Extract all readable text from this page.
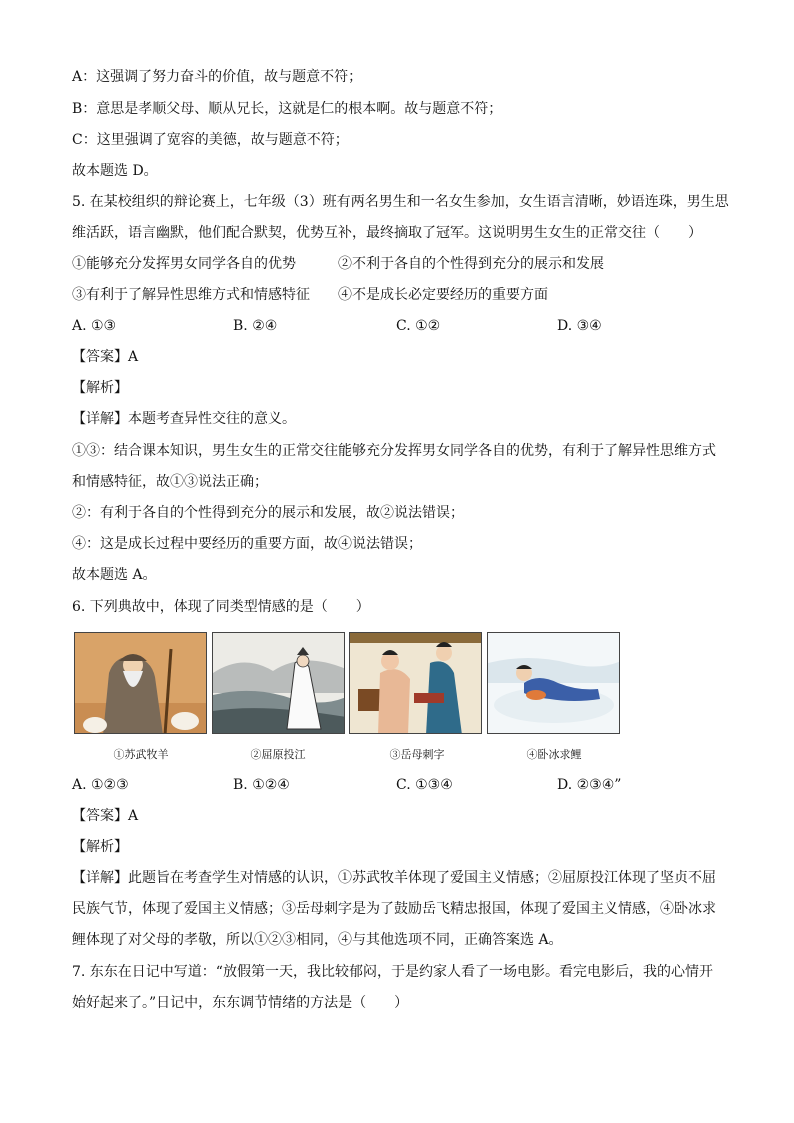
A：这强调了努力奋斗的价值，故与题意不符；
B：意思是孝顺父母、顺从兄长，这就是仁的根本啊。故与题意不符；
C：这里强调了宽容的美德，故与题意不符；
故本题选 D。
5. 在某校组织的辩论赛上，七年级（3）班有两名男生和一名女生参加，女生语言清晰，妙语连珠，男生思
维活跃，语言幽默，他们配合默契，优势互补，最终摘取了冠军。这说明男生女生的正常交往（　　）
①能够充分发挥男女同学各自的优势	②不利于各自的个性得到充分的展示和发展
③有利于了解异性思维方式和情感特征 ④不是成长必定要经历的重要方面
A. ①③	B. ②④	C. ①②	D. ③④
【答案】A
【解析】
【详解】本题考查异性交往的意义。
①③：结合课本知识，男生女生的正常交往能够充分发挥男女同学各自的优势，有利于了解异性思维方式
和情感特征，故①③说法正确；
②：有利于各自的个性得到充分的展示和发展，故②说法错误；
④：这是成长过程中要经历的重要方面，故④说法错误；
故本题选 A。
6. 下列典故中，体现了同类型情感的是（　　）
①苏武牧羊	②屈原投江	③岳母刺字	④卧冰求鲤
A. ①②③	B. ①②④	C. ①③④	D. ②③④”
【答案】A
【解析】
【详解】此题旨在考查学生对情感的认识，①苏武牧羊体现了爱国主义情感；②屈原投江体现了坚贞不屈
民族气节，体现了爱国主义情感；③岳母刺字是为了鼓励岳飞精忠报国，体现了爱国主义情感，④卧冰求
鲤体现了对父母的孝敬，所以①②③相同，④与其他选项不同，正确答案选 A。
7. 东东在日记中写道：“放假第一天，我比较郁闷，于是约家人看了一场电影。看完电影后，我的心情开
始好起来了。”日记中，东东调节情绪的方法是（　　）
